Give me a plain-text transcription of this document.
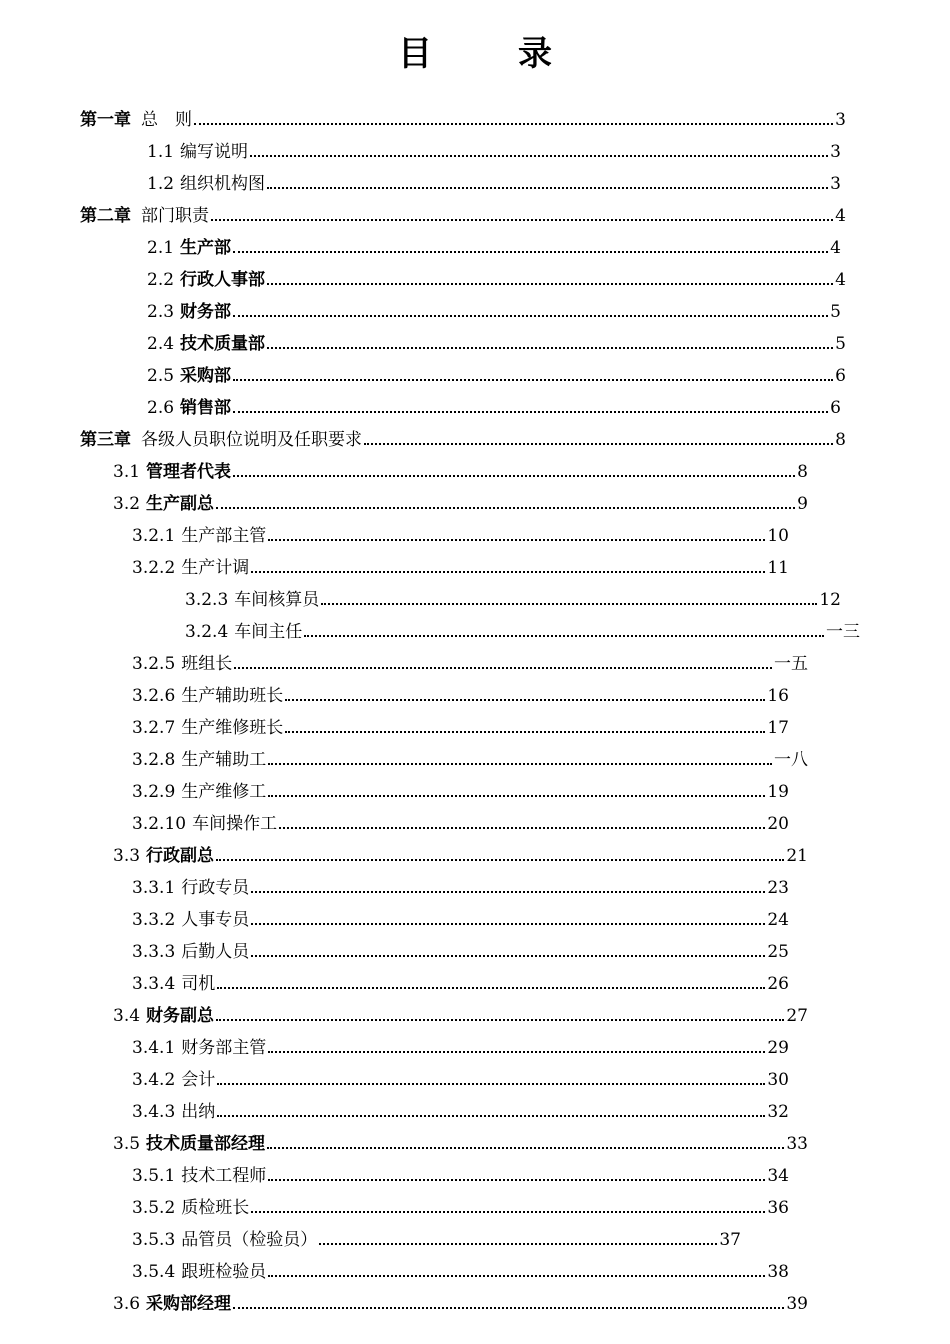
目　录
第一章 总　则	3
1.1 编写说明	3
1.2 组织机构图	3
第二章 部门职责	4
2.1 生产部	4
2.2 行政人事部	4
2.3 财务部	5
2.4 技术质量部	5
2.5 采购部	6
2.6 销售部	6
第三章 各级人员职位说明及任职要求	8
3.1 管理者代表	8
3.2 生产副总	9
3.2.1 生产部主管	10
3.2.2 生产计调	11
3.2.3 车间核算员	12
3.2.4 车间主任	一三
3.2.5 班组长	一五
3.2.6 生产辅助班长	16
3.2.7 生产维修班长	17
3.2.8 生产辅助工	一八
3.2.9 生产维修工	19
3.2.10 车间操作工	20
3.3 行政副总	21
3.3.1 行政专员	23
3.3.2 人事专员	24
3.3.3 后勤人员	25
3.3.4 司机	26
3.4 财务副总	27
3.4.1 财务部主管	29
3.4.2 会计	30
3.4.3 出纳	32
3.5 技术质量部经理	33
3.5.1 技术工程师	34
3.5.2 质检班长	36
3.5.3 品管员（检验员）	37
3.5.4 跟班检验员	38
3.6 采购部经理	39
